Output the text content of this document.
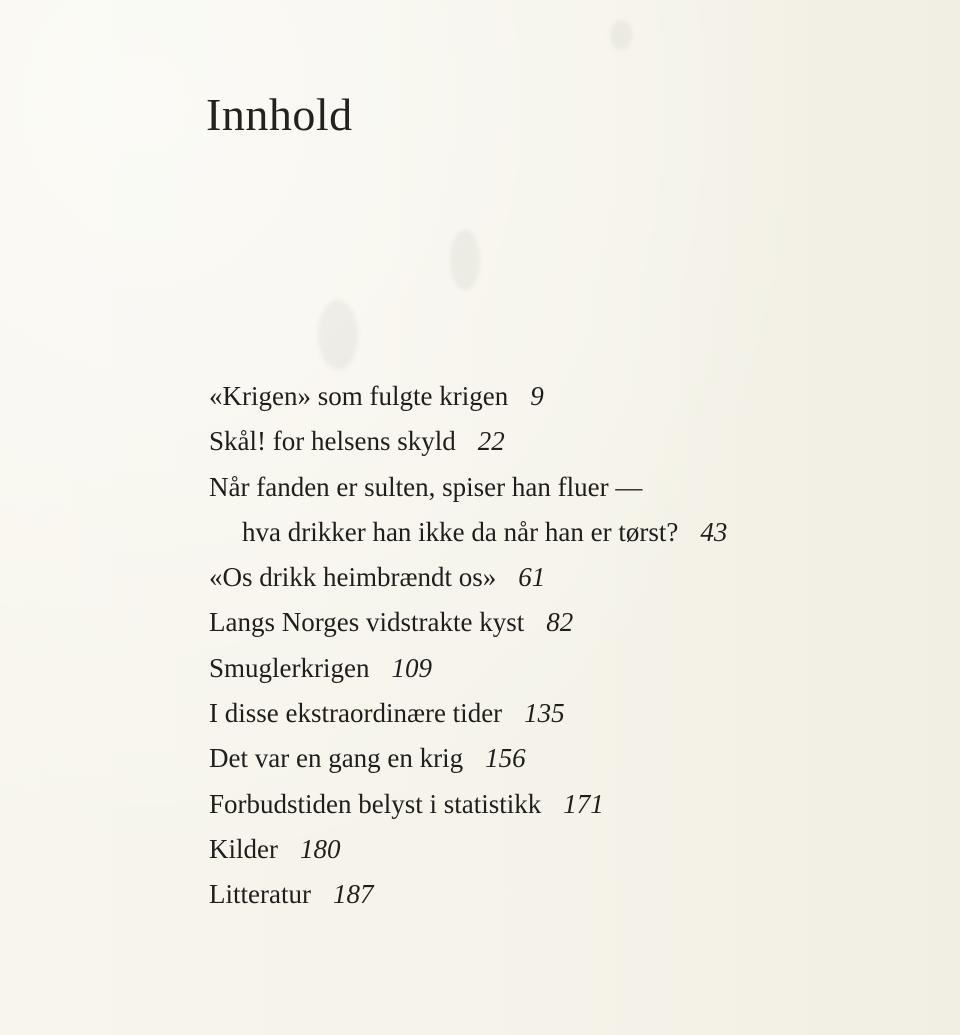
Innhold
«Krigen» som fulgte krigen 9
Skål! for helsens skyld 22
Når fanden er sulten, spiser han fluer —
hva drikker han ikke da når han er tørst? 43
«Os drikk heimbrændt os» 61
Langs Norges vidstrakte kyst 82
Smuglerkrigen 109
I disse ekstraordinære tider 135
Det var en gang en krig 156
Forbudstiden belyst i statistikk 171
Kilder 180
Litteratur 187
